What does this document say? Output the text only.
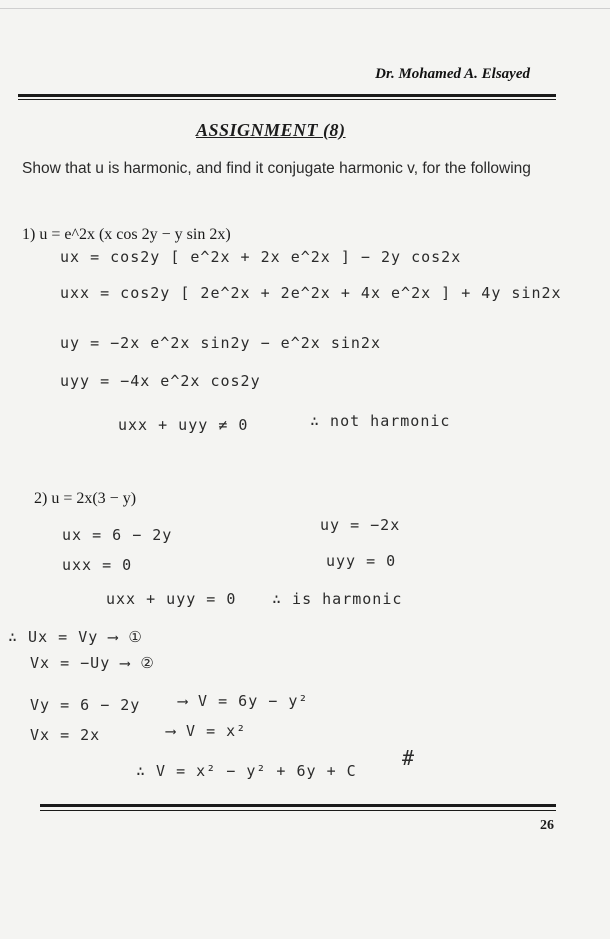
Dr. Mohamed A. Elsayed
ASSIGNMENT (8)
Show that u is harmonic, and find it conjugate harmonic v, for the following
1) u = e^2x (x cos 2y − y sin 2x)
ux = cos2y [ e^2x + 2x e^2x ] − 2y cos2x
uxx = cos2y [ 2e^2x + 2e^2x + 4x e^2x ] + 4y sin2x
uy = −2x e^2x sin2y − e^2x sin2x
uyy = −4x e^2x cos2y
uxx + uyy ≠ 0	∴ not harmonic
2) u = 2x(3 − y)
ux = 6 − 2y
uy = −2x
uxx = 0	uyy = 0
uxx + uyy = 0 ∴ is harmonic
∴ Ux = Vy ⟶ ①
Vx = −Uy ⟶ ②
Vy = 6 − 2y	⟶ V = 6y − y²
Vx = 2x	⟶ V = x²
∴ V = x² − y² + 6y + C
#
26
